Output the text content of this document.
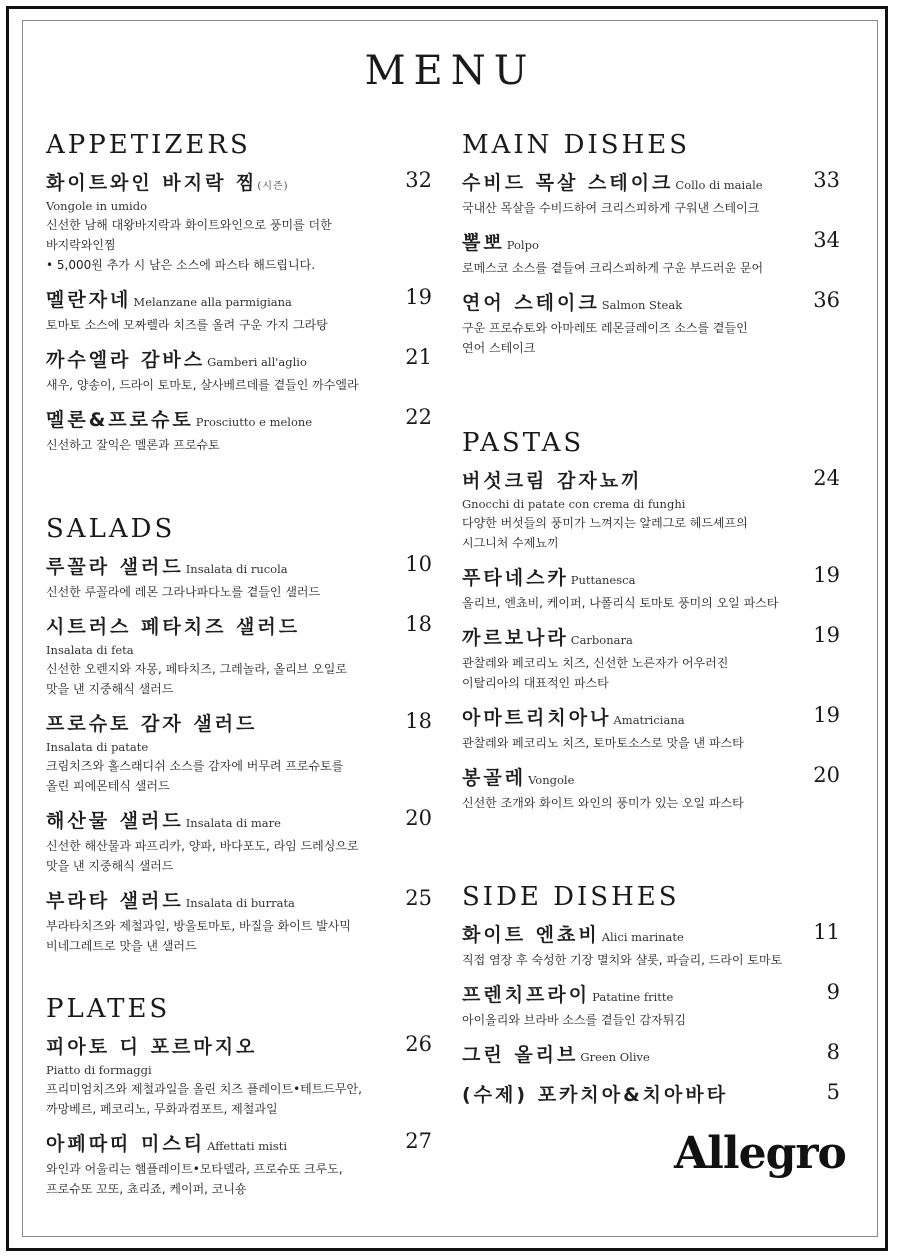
MENU
APPETIZERS
화이트와인 바지락 찜(시즌)	32
Vongole in umido
신선한 남해 대왕바지락과 화이트와인으로 풍미를 더한
바지락와인찜
• 5,000원 추가 시 남은 소스에 파스타 해드립니다.
멜란자네 Melanzane alla parmigiana	19
토마토 소스에 모짜렐라 치즈를 올려 구운 가지 그라탕
까수엘라 감바스 Gamberi all'aglio	21
새우, 양송이, 드라이 토마토, 살사베르데를 곁들인 까수엘라
멜론&프로슈토 Prosciutto e melone	22
신선하고 잘익은 멜론과 프로슈토
SALADS
루꼴라 샐러드 Insalata di rucola	10
신선한 루꼴라에 레몬 그라나파다노를 곁들인 샐러드
시트러스 페타치즈 샐러드	18
Insalata di feta
신선한 오렌지와 자몽, 페타치즈, 그레놀라, 올리브 오일로
맛을 낸 지중해식 샐러드
프로슈토 감자 샐러드	18
Insalata di patate
크림치즈와 홀스래디쉬 소스를 감자에 버무려 프로슈토를
올린 피에몬테식 샐러드
해산물 샐러드 Insalata di mare	20
신선한 해산물과 파프리카, 양파, 바다포도, 라임 드레싱으로
맛을 낸 지중해식 샐러드
부라타 샐러드 Insalata di burrata	25
부라타치즈와 제철과일, 방울토마토, 바질을 화이트 발사믹
비네그레트로 맛을 낸 샐러드
PLATES
피아토 디 포르마지오	26
Piatto di formaggi
프리미엄치즈와 제철과일을 올린 치즈 플레이트•테트드무안,
까망베르, 페코리노, 무화과컴포트, 제철과일
아페따띠 미스티 Affettati misti	27
와인과 어울리는 햄플레이트•모타델라, 프로슈또 크루도,
프로슈또 꼬또, 쵸리죠, 케이퍼, 코니숑
MAIN DISHES
수비드 목살 스테이크 Collo di maiale 33
국내산 목살을 수비드하여 크리스피하게 구워낸 스테이크
뽈뽀 Polpo	34
로메스코 소스를 곁들여 크리스피하게 구운 부드러운 문어
연어 스테이크 Salmon Steak	36
구운 프로슈토와 아마레또 레몬글레이즈 소스를 곁들인
연어 스테이크
PASTAS
버섯크림 감자뇨끼	24
Gnocchi di patate con crema di funghi
다양한 버섯들의 풍미가 느껴지는 알레그로 헤드셰프의
시그니처 수제뇨끼
푸타네스카 Puttanesca	19
올리브, 엔쵸비, 케이퍼, 나폴리식 토마토 풍미의 오일 파스타
까르보나라 Carbonara	19
관찰레와 페코리노 치즈, 신선한 노른자가 어우러진
이탈리아의 대표적인 파스타
아마트리치아나 Amatriciana	19
관찰레와 페코리노 치즈, 토마토소스로 맛을 낸 파스타
봉골레 Vongole	20
신선한 조개와 화이트 와인의 풍미가 있는 오일 파스타
SIDE DISHES
화이트 엔쵸비 Alici marinate	11
직접 염장 후 숙성한 기장 멸치와 샬롯, 파슬리, 드라이 토마토
프렌치프라이 Patatine fritte	9
아이올리와 브라바 소스를 곁들인 감자튀김
그린 올리브 Green Olive	8
(수제) 포카치아&치아바타	5
Allegro
